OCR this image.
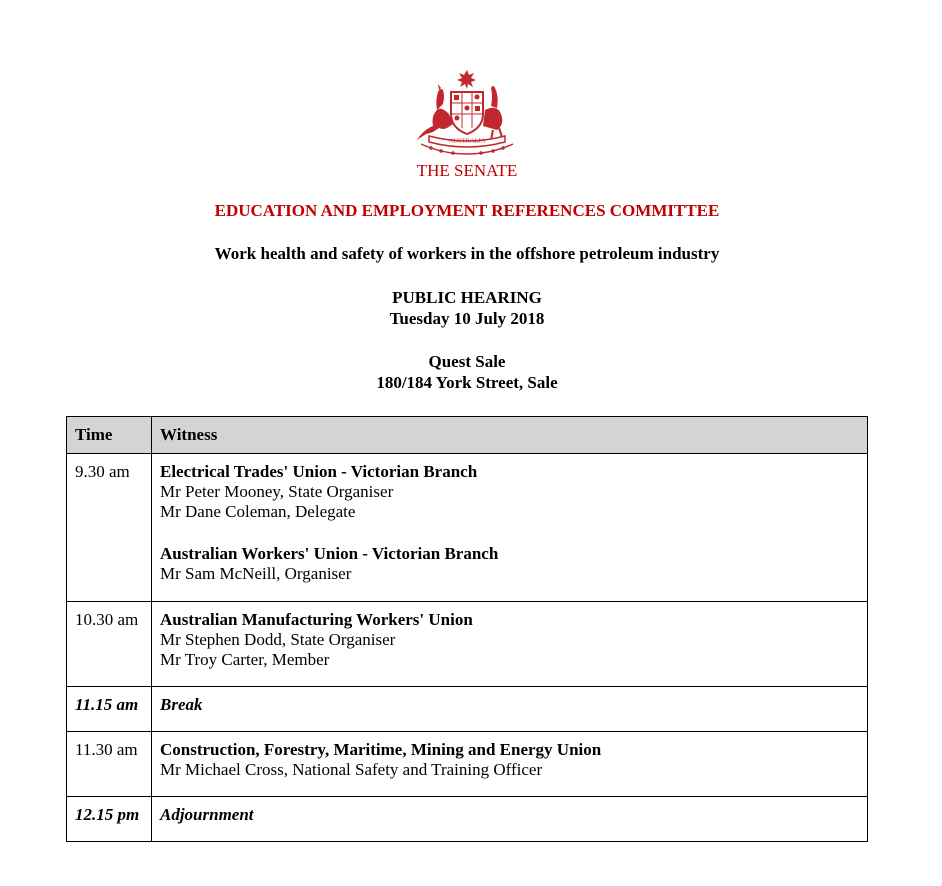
AUSTRALIA
THE SENATE
EDUCATION AND EMPLOYMENT REFERENCES COMMITTEE
Work health and safety of workers in the offshore petroleum industry
PUBLIC HEARING
Tuesday 10 July 2018
Quest Sale
180/184 York Street, Sale
Time	Witness
9.30 am	Electrical Trades' Union - Victorian Branch
Mr Peter Mooney, State Organiser
Mr Dane Coleman, Delegate
Australian Workers' Union - Victorian Branch
Mr Sam McNeill, Organiser

10.30 am	Australian Manufacturing Workers' Union
Mr Stephen Dodd, State Organiser
Mr Troy Carter, Member

11.15 am	Break
11.30 am	Construction, Forestry, Maritime, Mining and Energy Union
Mr Michael Cross, National Safety and Training Officer

12.15 pm	Adjournment
